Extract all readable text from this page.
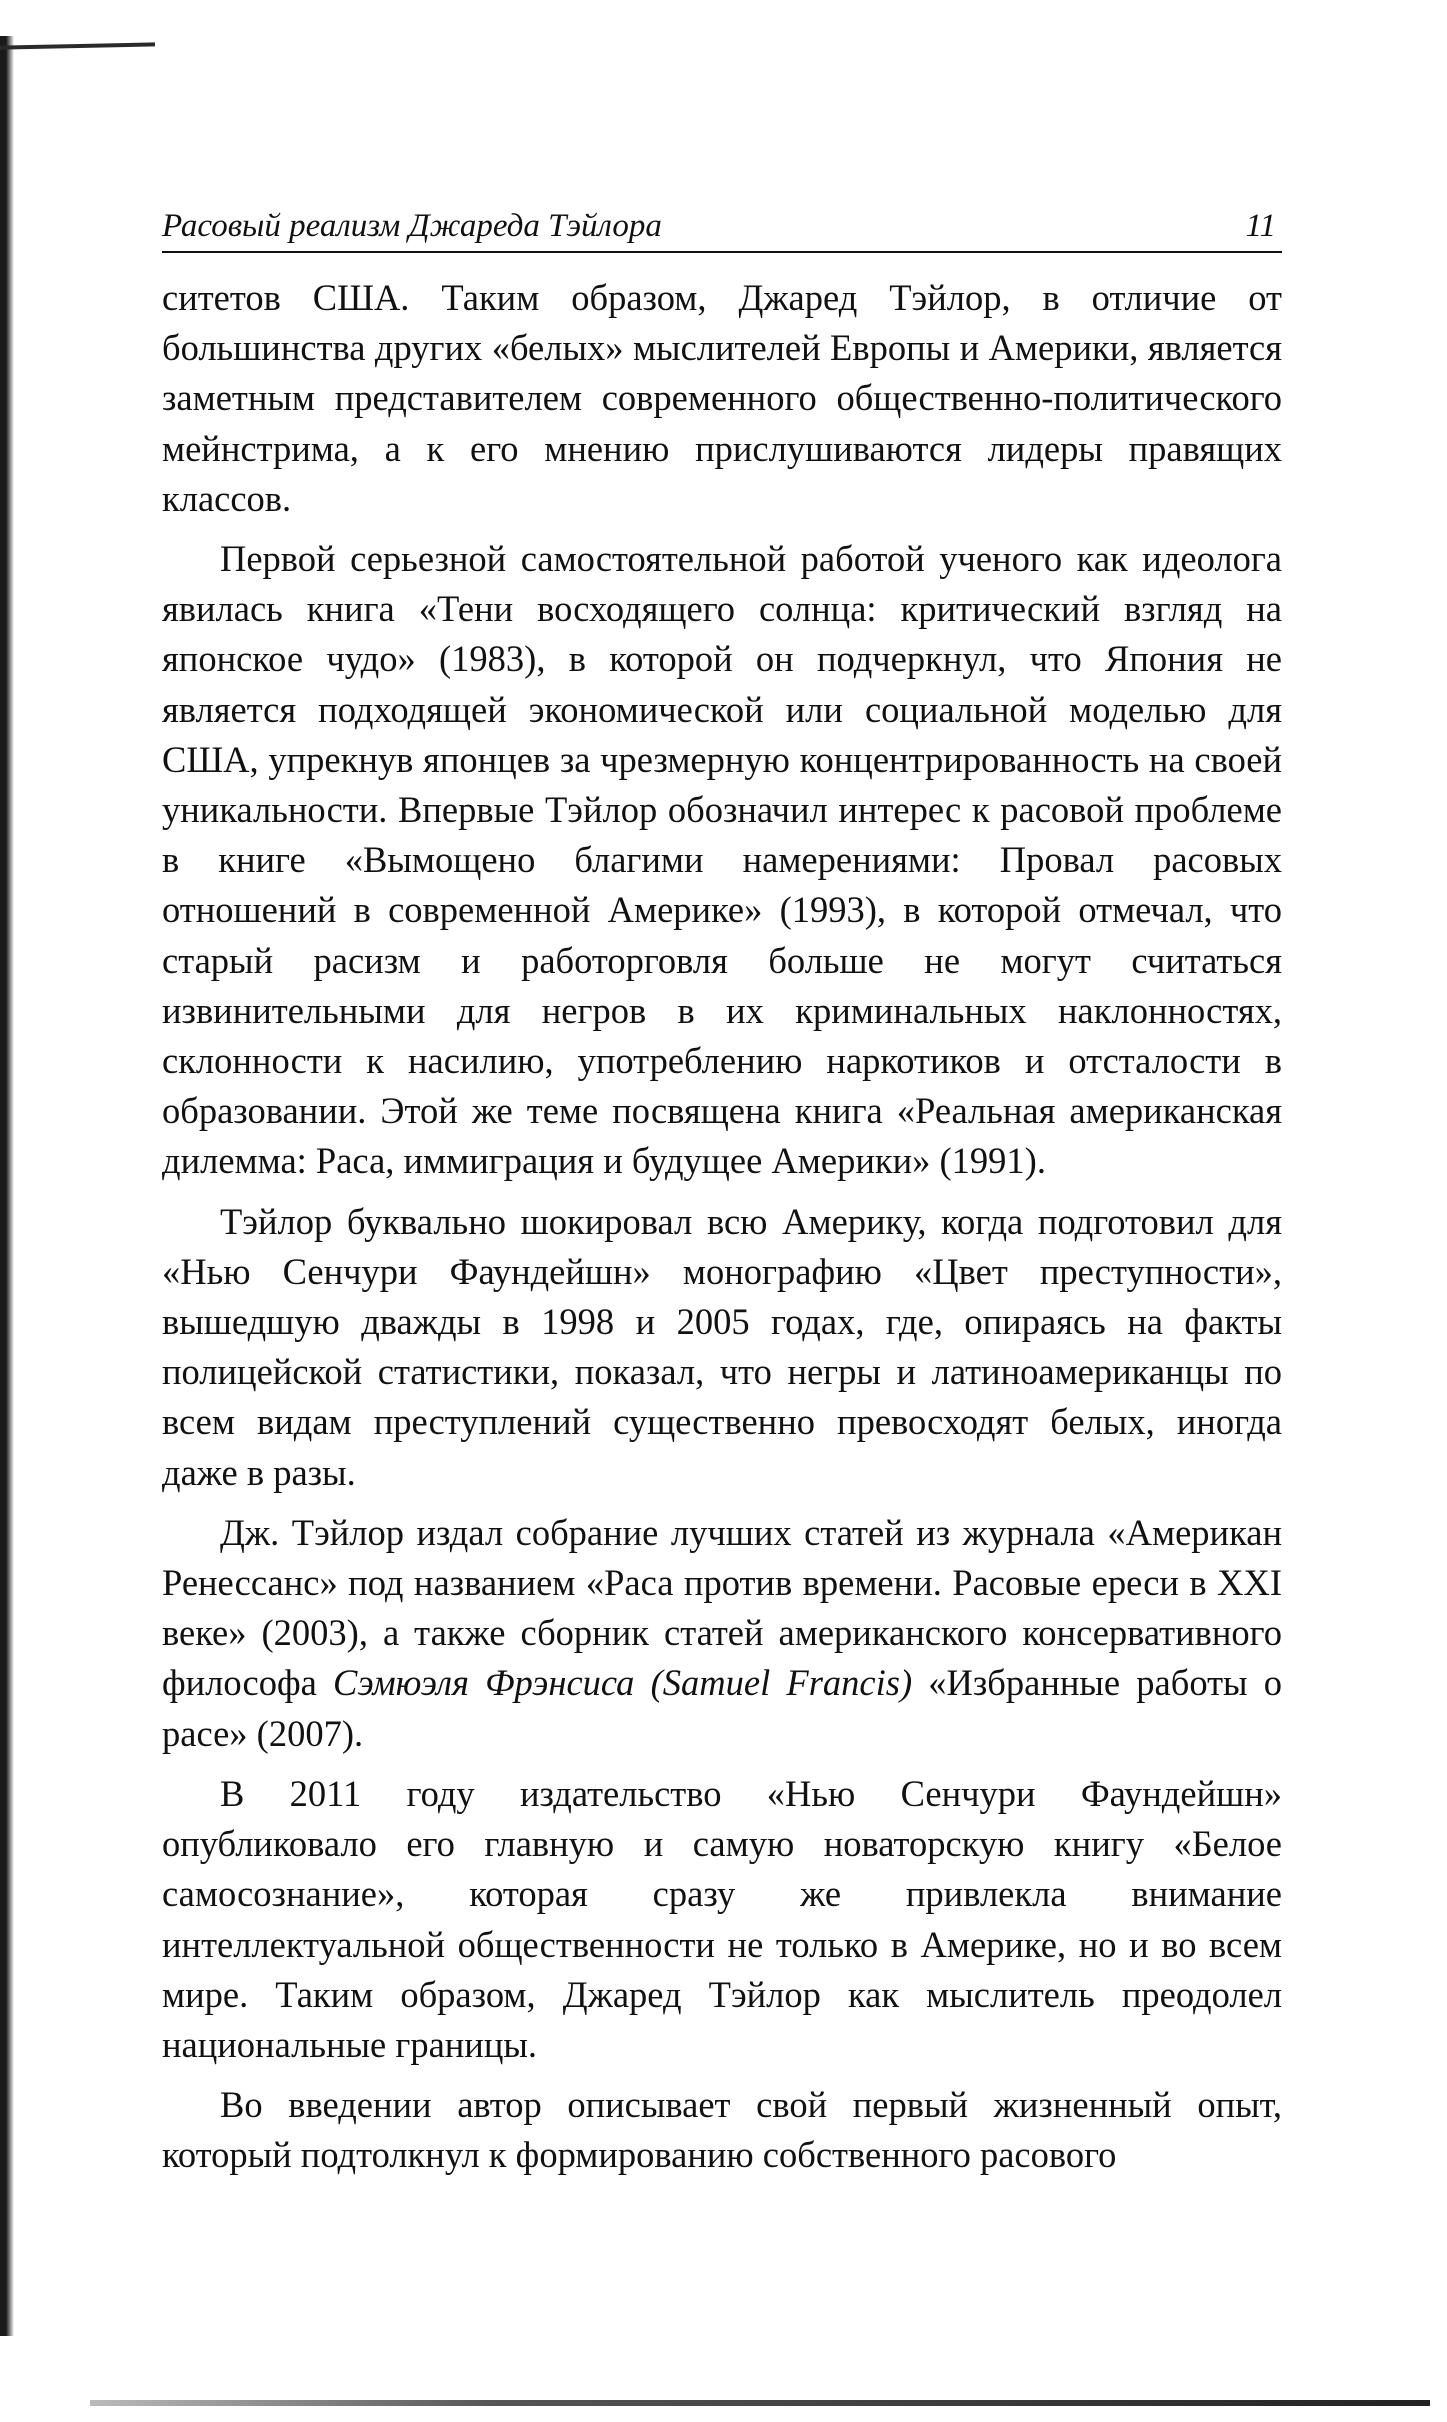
Расовый реализм Джареда Тэйлора	11

ситетов США. Таким образом, Джаред Тэйлор, в отличие от большинства других «белых» мыслителей Европы и Америки, является заметным представителем современного общественно-политического мейнстрима, а к его мнению прислушиваются лидеры правящих классов.

Первой серьезной самостоятельной работой ученого как идеолога явилась книга «Тени восходящего солнца: критический взгляд на японское чудо» (1983), в которой он подчеркнул, что Япония не является подходящей экономической или социальной моделью для США, упрекнув японцев за чрезмерную концентрированность на своей уникальности. Впервые Тэйлор обозначил интерес к расовой проблеме в книге «Вымощено благими намерениями: Провал расовых отношений в современной Америке» (1993), в которой отмечал, что старый расизм и работорговля больше не могут считаться извинительными для негров в их криминальных наклонностях, склонности к насилию, употреблению наркотиков и отсталости в образовании. Этой же теме посвящена книга «Реальная американская дилемма: Раса, иммиграция и будущее Америки» (1991).

Тэйлор буквально шокировал всю Америку, когда подготовил для «Нью Сенчури Фаундейшн» монографию «Цвет преступности», вышедшую дважды в 1998 и 2005 годах, где, опираясь на факты полицейской статистики, показал, что негры и латиноамериканцы по всем видам преступлений существенно превосходят белых, иногда даже в разы.

Дж. Тэйлор издал собрание лучших статей из журнала «Американ Ренессанс» под названием «Раса против времени. Расовые ереси в XXI веке» (2003), а также сборник статей американского консервативного философа Сэмюэля Фрэнсиса (Samuel Francis) «Избранные работы о расе» (2007).

В 2011 году издательство «Нью Сенчури Фаундейшн» опубликовало его главную и самую новаторскую книгу «Белое самосознание», которая сразу же привлекла внимание интеллектуальной общественности не только в Америке, но и во всем мире. Таким образом, Джаред Тэйлор как мыслитель преодолел национальные границы.

Во введении автор описывает свой первый жизненный опыт, который подтолкнул к формированию собственного расового
